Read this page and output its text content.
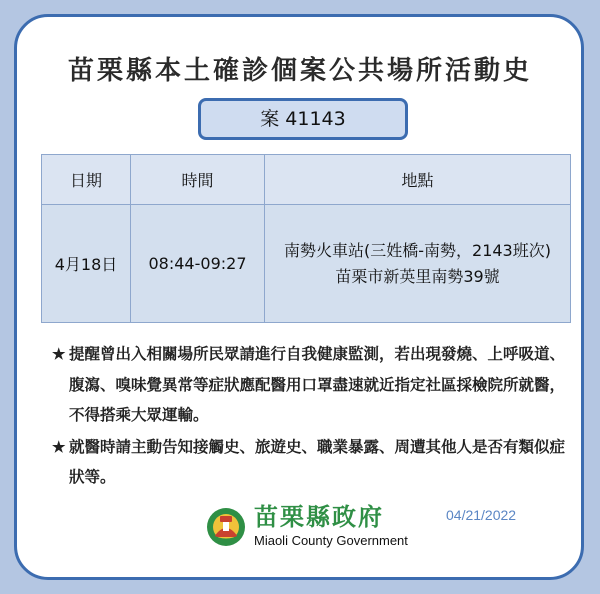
苗栗縣本土確診個案公共場所活動史
案 41143
日期	時間	地點
4月18日	08:44-09:27	南勢火車站(三姓橋-南勢，2143班次)
苗栗市新英里南勢39號
★ 提醒曾出入相關場所民眾請進行自我健康監測，若出現發燒、上呼吸道、腹瀉、嗅味覺異常等症狀應配醫用口罩盡速就近指定社區採檢院所就醫，不得搭乘大眾運輸。
★ 就醫時請主動告知接觸史、旅遊史、職業暴露、周遭其他人是否有類似症狀等。
苗栗縣政府
Miaoli County Government
04/21/2022
